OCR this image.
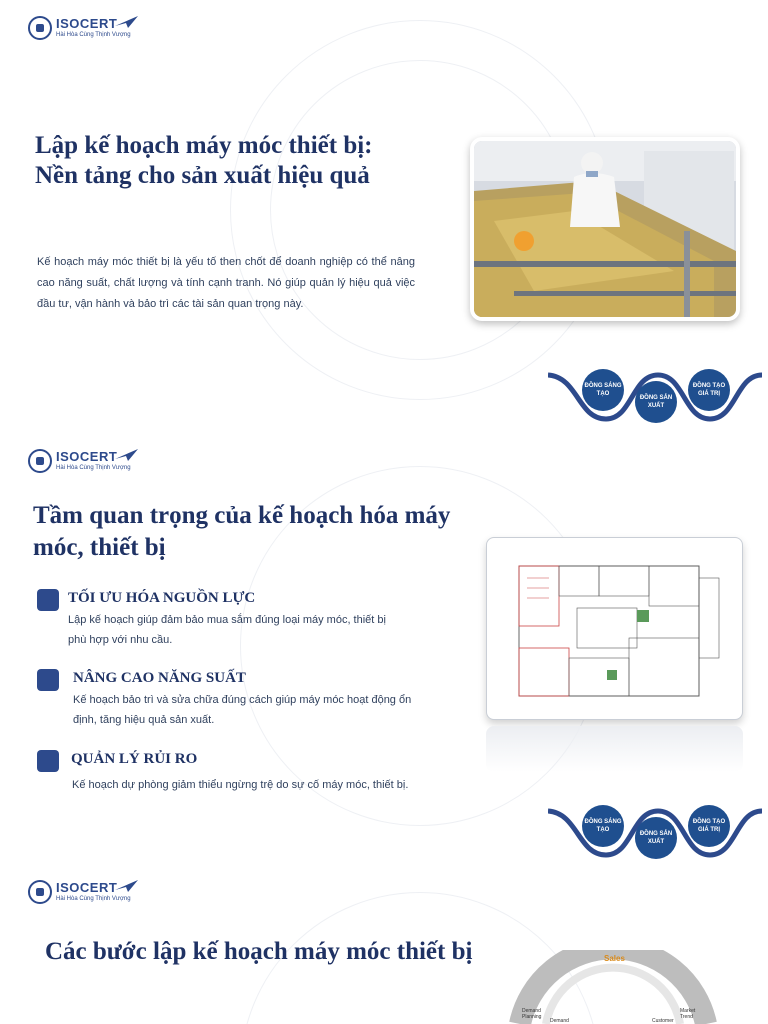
ISOCERT
Hài Hòa Cùng Thịnh Vượng
Lập kế hoạch máy móc thiết bị:
Nền tảng cho sản xuất hiệu quả

Kế hoạch máy móc thiết bị là yếu tố then chốt để doanh nghiệp có thể nâng cao năng suất, chất lượng và tính cạnh tranh. Nó giúp quản lý hiệu quả việc đầu tư, vận hành và bảo trì các tài sản quan trọng này.

ĐỒNG SÁNG TẠO
ĐỒNG SẢN XUẤT
ĐỒNG TẠO GIÁ TRỊ
ISOCERT
Hài Hòa Cùng Thịnh Vượng
Tầm quan trọng của kế hoạch hóa máy móc, thiết bị
TỐI ƯU HÓA NGUỒN LỰC
Lập kế hoạch giúp đảm bảo mua sắm đúng loại máy móc, thiết bị phù hợp với nhu cầu.
NÂNG CAO NĂNG SUẤT
Kế hoạch bảo trì và sửa chữa đúng cách giúp máy móc hoạt động ổn định, tăng hiệu quả sản xuất.
QUẢN LÝ RỦI RO
Kế hoạch dự phòng giảm thiểu ngừng trệ do sự cố máy móc, thiết bị.
ĐỒNG SÁNG TẠO
ĐỒNG SẢN XUẤT
ĐỒNG TẠO GIÁ TRỊ
ISOCERT
Hài Hòa Cùng Thịnh Vượng
Các bước lập kế hoạch máy móc thiết bị	Sales
Demand Planning
Demand	Customer
Market Trend
